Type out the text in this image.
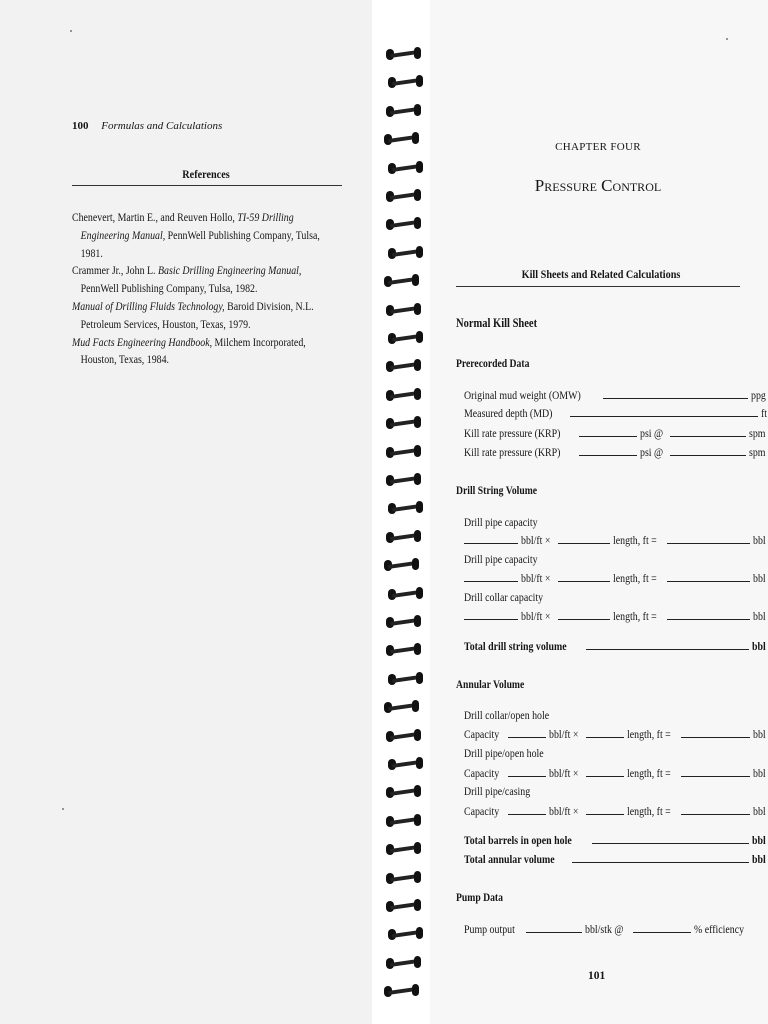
100 Formulas and Calculations
References
Chenevert, Martin E., and Reuven Hollo, TI-59 Drilling Engineering Manual, PennWell Publishing Company, Tulsa, 1981.
Crammer Jr., John L. Basic Drilling Engineering Manual, PennWell Publishing Company, Tulsa, 1982.
Manual of Drilling Fluids Technology, Baroid Division, N.L. Petroleum Services, Houston, Texas, 1979.
Mud Facts Engineering Handbook, Milchem Incorporated, Houston, Texas, 1984.
CHAPTER FOUR
Pressure Control
Kill Sheets and Related Calculations
Normal Kill Sheet
Prerecorded Data
Original mud weight (OMW)	ppg
Measured depth (MD)	ft
Kill rate pressure (KRP)	psi @	spm
Kill rate pressure (KRP)	psi @	spm
Drill String Volume
Drill pipe capacity
bbl/ft ×	length, ft =	bbl
Drill pipe capacity
bbl/ft ×	length, ft =	bbl
Drill collar capacity
bbl/ft ×	length, ft =	bbl
Total drill string volume	bbl
Annular Volume
Drill collar/open hole
Capacity	bbl/ft ×	length, ft =	bbl
Drill pipe/open hole
Capacity	bbl/ft ×	length, ft =	bbl
Drill pipe/casing
Capacity	bbl/ft ×	length, ft =	bbl
Total barrels in open hole	bbl
Total annular volume	bbl
Pump Data
Pump output	bbl/stk @	% efficiency
101
